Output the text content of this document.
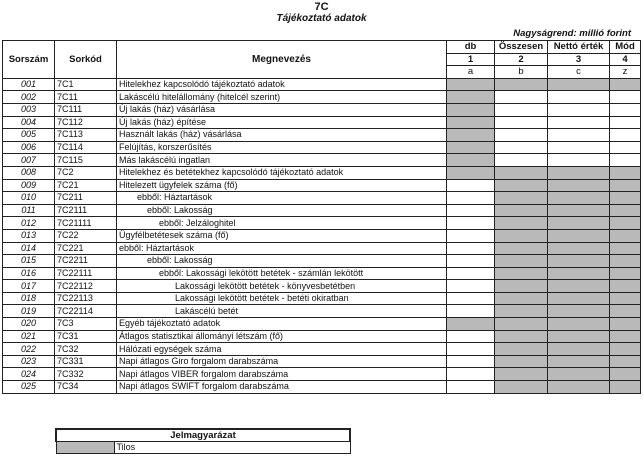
7C
Tájékoztató adatok
Nagyságrend: millió forint
Sorszám	Sorkód	Megnevezés	db	Összesen	Nettó érték	Mód
			1	2	3	4
			a	b	c	z
001	7C1	Hitelekhez kapcsolódó tájékoztató adatok				
002	7C11	Lakáscélú hitelállomány (hitelcél szerint)				
003	7C111	Új lakás (ház) vásárlása				
004	7C112	Új lakás (ház) építése				
005	7C113	Használt lakás (ház) vásárlása				
006	7C114	Felújítás, korszerűsítés				
007	7C115	Más lakáscélú ingatlan				
008	7C2	Hitelekhez és betétekhez kapcsolódó tájékoztató adatok				
009	7C21	Hitelezett ügyfelek száma (fő)				
010	7C211	ebből: Háztartások				
011	7C2111	ebből: Lakosság				
012	7C21111	ebből: Jelzáloghitel				
013	7C22	Ügyfélbetétesek száma (fő)				
014	7C221	ebből: Háztartások				
015	7C2211	ebből: Lakosság				
016	7C22111	ebből: Lakossági lekötött betétek - számlán lekötött				
017	7C22112	Lakossági lekötött betétek - könyvesbetétben				
018	7C22113	Lakossági lekötött betétek - betéti okiratban				
019	7C22114	Lakáscélú betét				
020	7C3	Egyéb tájékoztató adatok				
021	7C31	Átlagos statisztikai állományi létszám (fő)				
022	7C32	Hálózati egységek száma				
023	7C331	Napi átlagos Giro forgalom darabszáma				
024	7C332	Napi átlagos VIBER forgalom darabszáma				
025	7C34	Napi átlagos SWIFT forgalom darabszáma				
Jelmagyarázat
	Tilos
